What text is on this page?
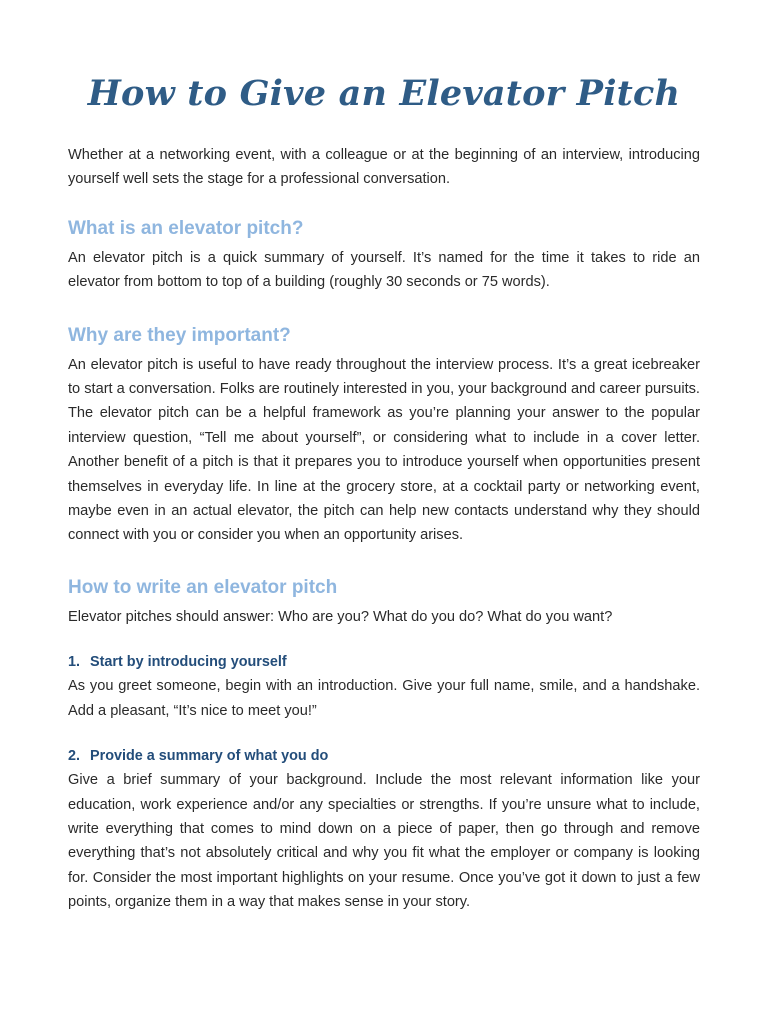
How to Give an Elevator Pitch

Whether at a networking event, with a colleague or at the beginning of an interview, introducing yourself well sets the stage for a professional conversation.

What is an elevator pitch?

An elevator pitch is a quick summary of yourself. It’s named for the time it takes to ride an elevator from bottom to top of a building (roughly 30 seconds or 75 words).

Why are they important?

An elevator pitch is useful to have ready throughout the interview process. It’s a great icebreaker to start a conversation. Folks are routinely interested in you, your background and career pursuits. The elevator pitch can be a helpful framework as you’re planning your answer to the popular interview question, “Tell me about yourself”, or considering what to include in a cover letter. Another benefit of a pitch is that it prepares you to introduce yourself when opportunities present themselves in everyday life. In line at the grocery store, at a cocktail party or networking event, maybe even in an actual elevator, the pitch can help new contacts understand why they should connect with you or consider you when an opportunity arises.

How to write an elevator pitch

Elevator pitches should answer: Who are you? What do you do? What do you want?

1. Start by introducing yourself

As you greet someone, begin with an introduction. Give your full name, smile, and a handshake. Add a pleasant, “It’s nice to meet you!”

2. Provide a summary of what you do

Give a brief summary of your background. Include the most relevant information like your education, work experience and/or any specialties or strengths. If you’re unsure what to include, write everything that comes to mind down on a piece of paper, then go through and remove everything that’s not absolutely critical and why you fit what the employer or company is looking for. Consider the most important highlights on your resume. Once you’ve got it down to just a few points, organize them in a way that makes sense in your story.
